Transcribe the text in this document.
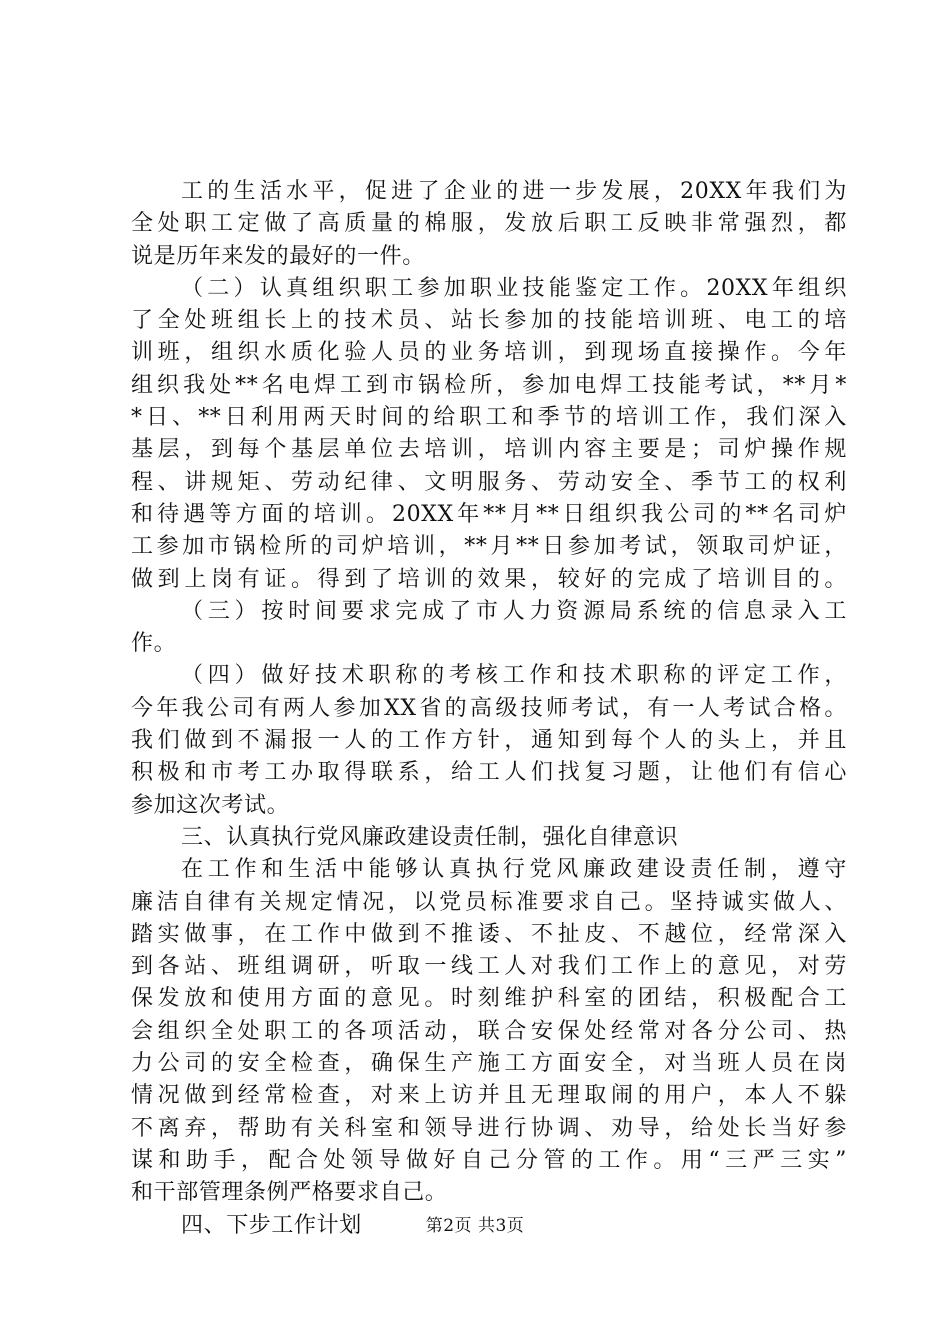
工的生活水平，促进了企业的进一步发展，20XX年我们为
全处职工定做了高质量的棉服，发放后职工反映非常强烈，都
说是历年来发的最好的一件。
（二）认真组织职工参加职业技能鉴定工作。20XX年组织
了全处班组长上的技术员、站长参加的技能培训班、电工的培
训班，组织水质化验人员的业务培训，到现场直接操作。今年
组织我处**名电焊工到市锅检所，参加电焊工技能考试，**月*
*日、**日利用两天时间的给职工和季节的培训工作，我们深入
基层，到每个基层单位去培训，培训内容主要是；司炉操作规
程、讲规矩、劳动纪律、文明服务、劳动安全、季节工的权利
和待遇等方面的培训。20XX年**月**日组织我公司的**名司炉
工参加市锅检所的司炉培训，**月**日参加考试，领取司炉证，
做到上岗有证。得到了培训的效果，较好的完成了培训目的。
（三）按时间要求完成了市人力资源局系统的信息录入工
作。
（四）做好技术职称的考核工作和技术职称的评定工作，
今年我公司有两人参加XX省的高级技师考试，有一人考试合格。
我们做到不漏报一人的工作方针，通知到每个人的头上，并且
积极和市考工办取得联系，给工人们找复习题，让他们有信心
参加这次考试。
三、认真执行党风廉政建设责任制，强化自律意识
在工作和生活中能够认真执行党风廉政建设责任制，遵守
廉洁自律有关规定情况，以党员标准要求自己。坚持诚实做人、
踏实做事，在工作中做到不推诿、不扯皮、不越位，经常深入
到各站、班组调研，听取一线工人对我们工作上的意见，对劳
保发放和使用方面的意见。时刻维护科室的团结，积极配合工
会组织全处职工的各项活动，联合安保处经常对各分公司、热
力公司的安全检查，确保生产施工方面安全，对当班人员在岗
情况做到经常检查，对来上访并且无理取闹的用户，本人不躲
不离弃，帮助有关科室和领导进行协调、劝导，给处长当好参
谋和助手，配合处领导做好自己分管的工作。用“三严三实”
和干部管理条例严格要求自己。
四、下步工作计划	第2页 共3页
